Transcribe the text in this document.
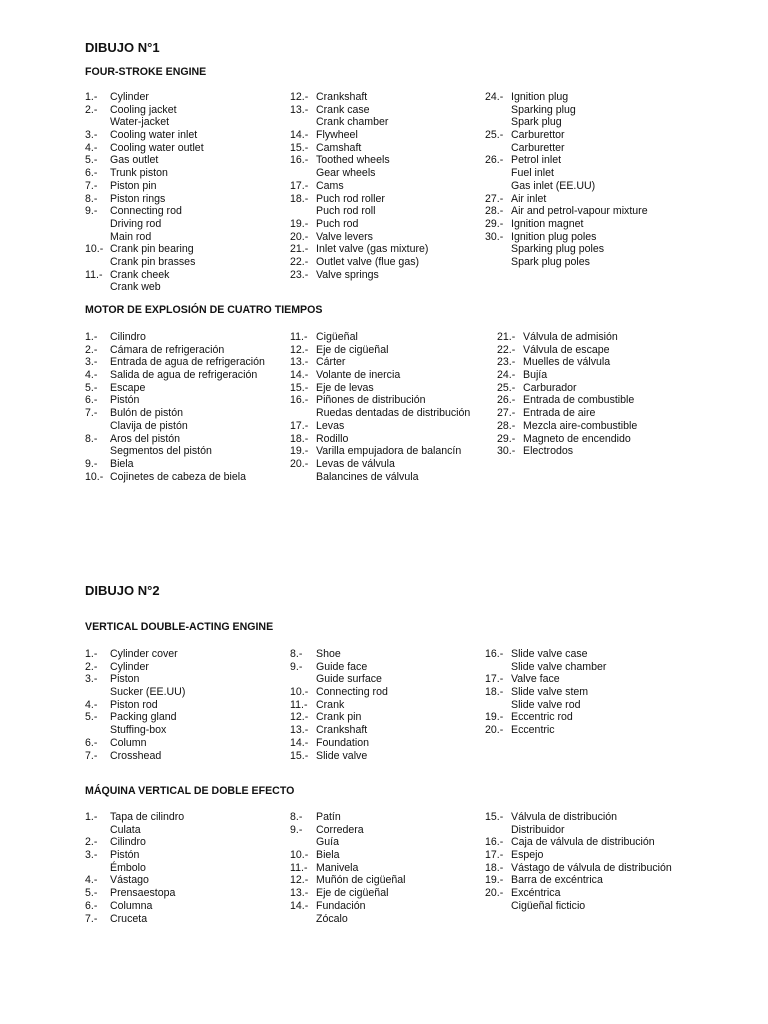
DIBUJO N°1
FOUR-STROKE ENGINE
1.- Cylinder
2.- Cooling jacket
Water-jacket
3.- Cooling water inlet
4.- Cooling water outlet
5.- Gas outlet
6.- Trunk piston
7.- Piston pin
8.- Piston rings
9.- Connecting rod
Driving rod
Main rod
10.- Crank pin bearing
Crank pin brasses
11.- Crank cheek
Crank web
12.- Crankshaft
13.- Crank case
Crank chamber
14.- Flywheel
15.- Camshaft
16.- Toothed wheels
Gear wheels
17.- Cams
18.- Puch rod roller
Puch rod roll
19.- Puch rod
20.- Valve levers
21.- Inlet valve (gas mixture)
22.- Outlet valve (flue gas)
23.- Valve springs
24.- Ignition plug
Sparking plug
Spark plug
25.- Carburettor
Carburetter
26.- Petrol inlet
Fuel inlet
Gas inlet (EE.UU)
27.- Air inlet
28.- Air and petrol-vapour mixture
29.- Ignition magnet
30.- Ignition plug poles
Sparking plug poles
Spark plug poles
MOTOR DE EXPLOSIÓN DE CUATRO TIEMPOS
1.- Cilindro
2.- Cámara de refrigeración
3.- Entrada de agua de refrigeración
4.- Salida de agua de refrigeración
5.- Escape
6.- Pistón
7.- Bulón de pistón
Clavija de pistón
8.- Aros del pistón
Segmentos del pistón
9.- Biela
10.- Cojinetes de cabeza de biela
11.- Cigüeñal
12.- Eje de cigüeñal
13.- Cárter
14.- Volante de inercia
15.- Eje de levas
16.- Piñones de distribución
Ruedas dentadas de distribución
17.- Levas
18.- Rodillo
19.- Varilla empujadora de balancín
20.- Levas de válvula
Balancines de válvula
21.- Válvula de admisión
22.- Válvula de escape
23.- Muelles de válvula
24.- Bujía
25.- Carburador
26.- Entrada de combustible
27.- Entrada de aire
28.- Mezcla aire-combustible
29.- Magneto de encendido
30.- Electrodos
DIBUJO N°2
VERTICAL DOUBLE-ACTING ENGINE
1.- Cylinder cover
2.- Cylinder
3.- Piston
Sucker (EE.UU)
4.- Piston rod
5.- Packing gland
Stuffing-box
6.- Column
7.- Crosshead
8.- Shoe
9.- Guide face
Guide surface
10.- Connecting rod
11.- Crank
12.- Crank pin
13.- Crankshaft
14.- Foundation
15.- Slide valve
16.- Slide valve case
Slide valve chamber
17.- Valve face
18.- Slide valve stem
Slide valve rod
19.- Eccentric rod
20.- Eccentric
MÁQUINA VERTICAL DE DOBLE EFECTO
1.- Tapa de cilindro
Culata
2.- Cilindro
3.- Pistón
Émbolo
4.- Vástago
5.- Prensaestopa
6.- Columna
7.- Cruceta
8.- Patín
9.- Corredera
Guía
10.- Biela
11.- Manivela
12.- Muñón de cigüeñal
13.- Eje de cigüeñal
14.- Fundación
Zócalo
15.- Válvula de distribución
Distribuidor
16.- Caja de válvula de distribución
17.- Espejo
18.- Vástago de válvula de distribución
19.- Barra de excéntrica
20.- Excéntrica
Cigüeñal ficticio
